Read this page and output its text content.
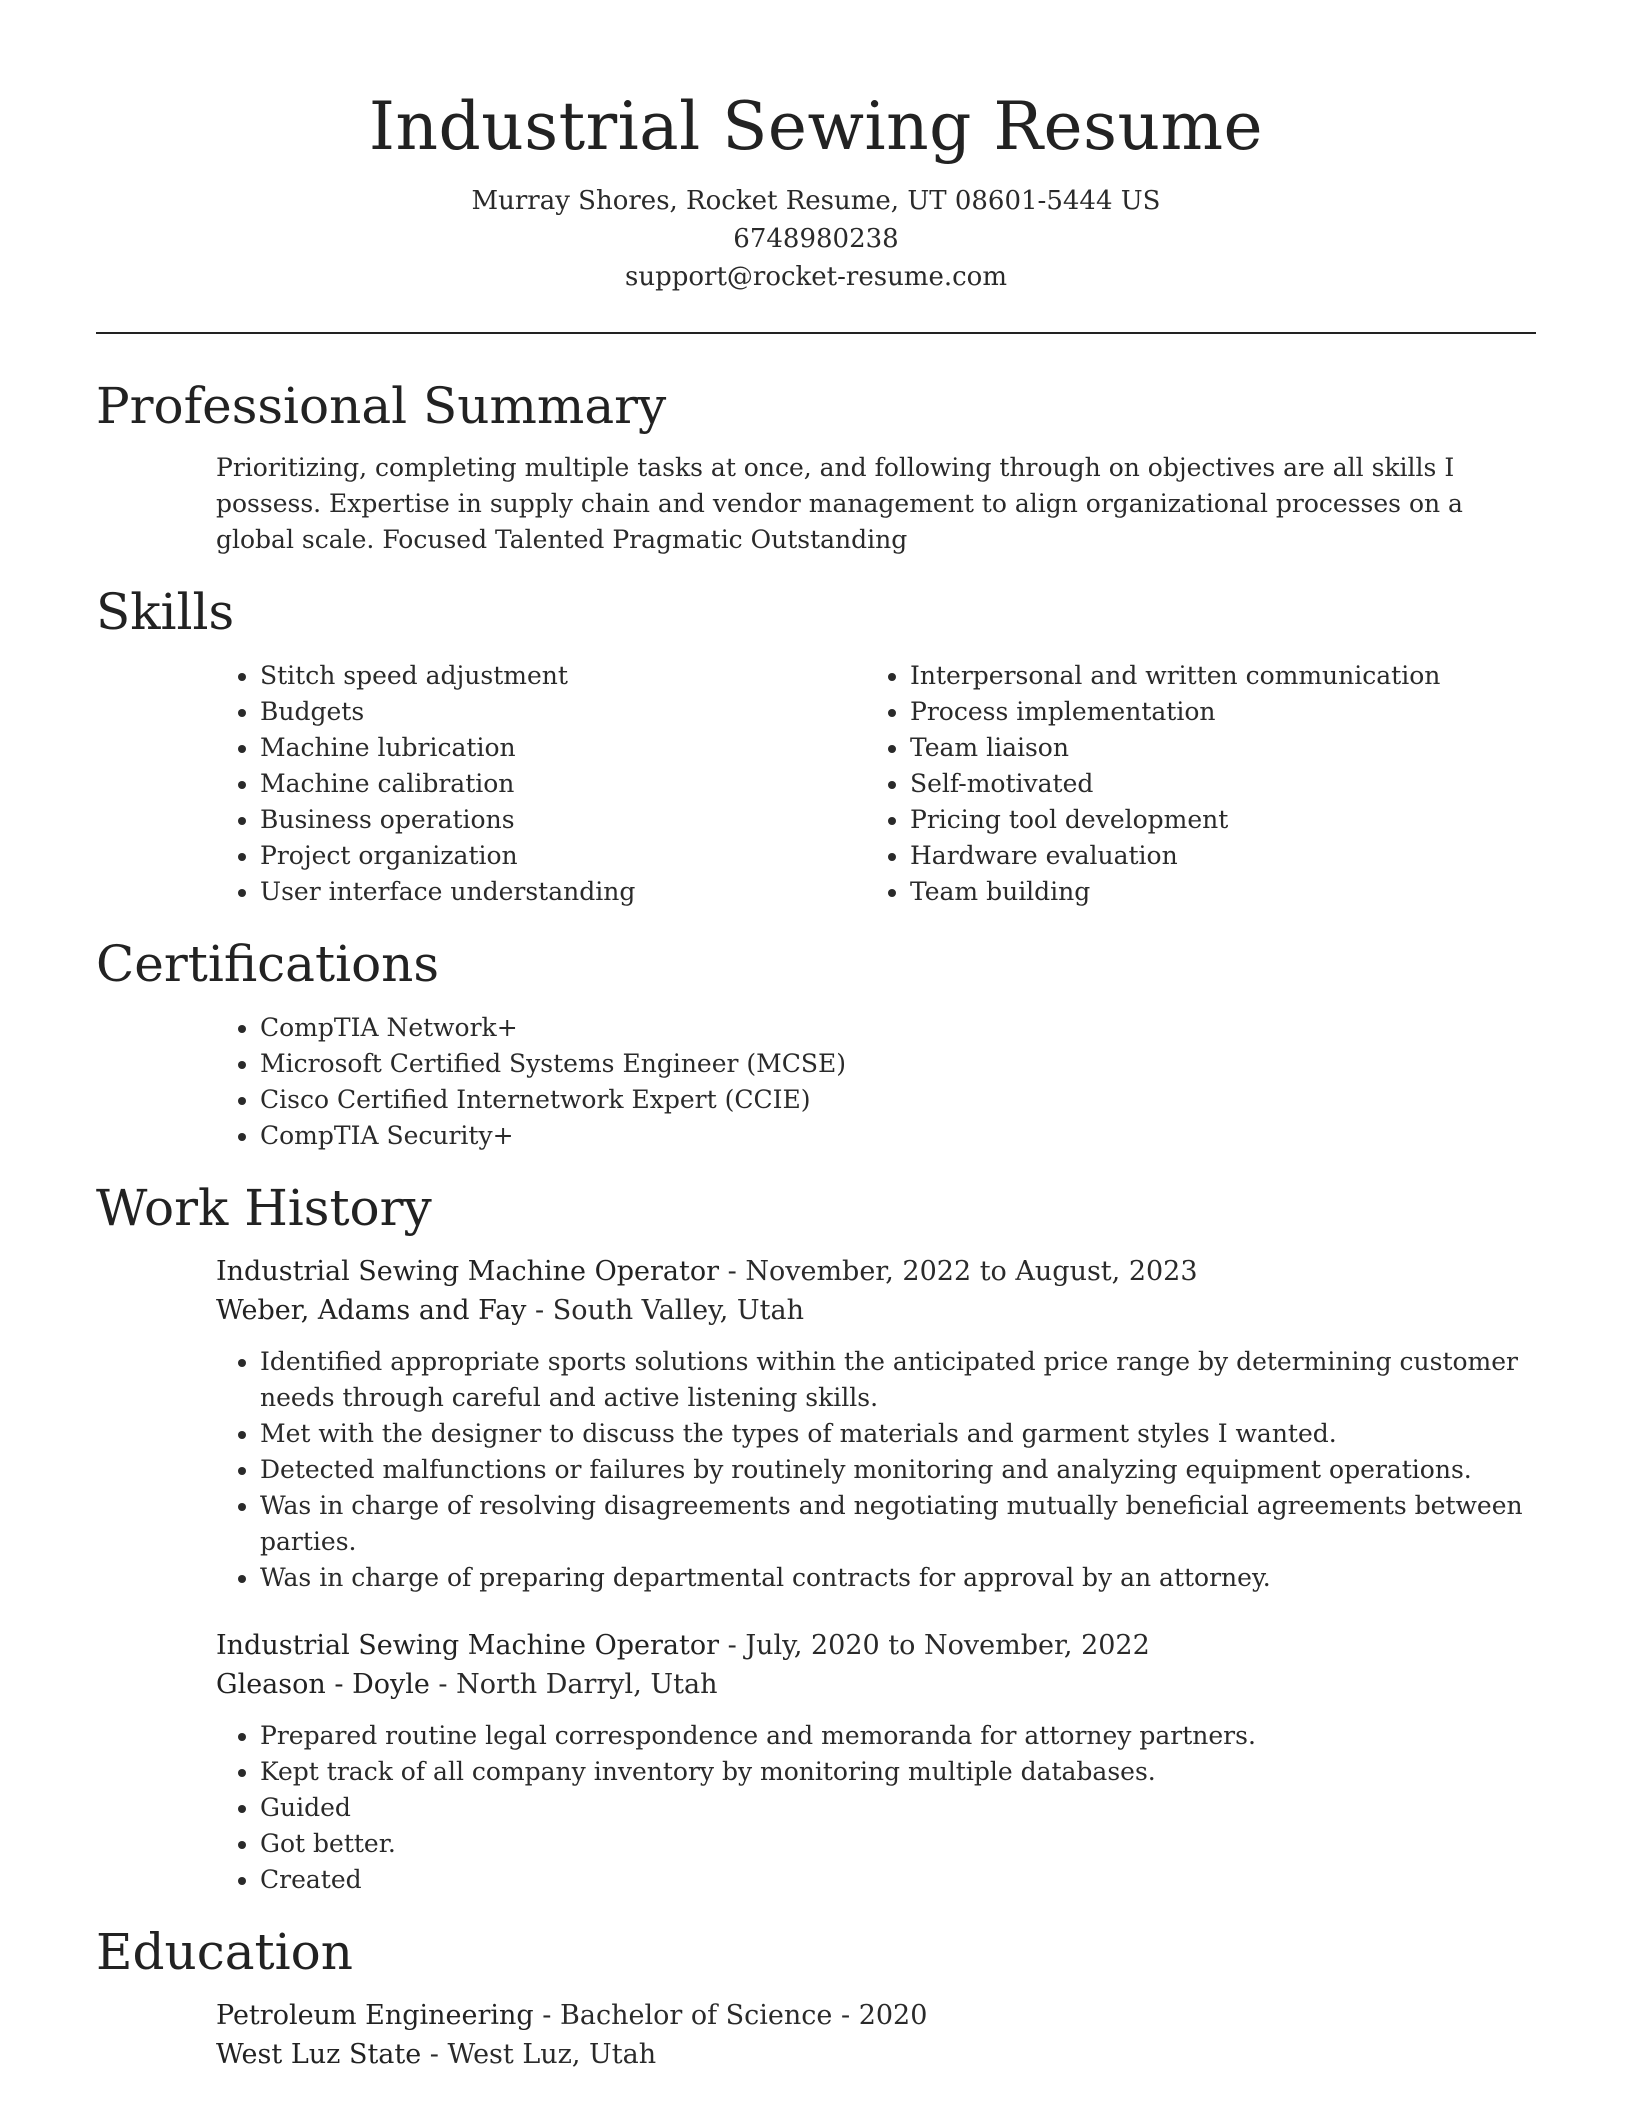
Industrial Sewing Resume
Murray Shores, Rocket Resume, UT 08601-5444 US
6748980238
support@rocket-resume.com
Professional Summary

Prioritizing, completing multiple tasks at once, and following through on objectives are all skills I possess. Expertise in supply chain and vendor management to align organizational processes on a global scale. Focused Talented Pragmatic Outstanding

Skills
• Stitch speed adjustment
• Budgets
• Machine lubrication
• Machine calibration
• Business operations
• Project organization
• User interface understanding
• Interpersonal and written communication
• Process implementation
• Team liaison
• Self-motivated
• Pricing tool development
• Hardware evaluation
• Team building
Certifications
• CompTIA Network+
• Microsoft Certified Systems Engineer (MCSE)
• Cisco Certified Internetwork Expert (CCIE)
• CompTIA Security+
Work History

Industrial Sewing Machine Operator - November, 2022 to August, 2023

Weber, Adams and Fay - South Valley, Utah

• Identified appropriate sports solutions within the anticipated price range by determining customer needs through careful and active listening skills.
• Met with the designer to discuss the types of materials and garment styles I wanted.
• Detected malfunctions or failures by routinely monitoring and analyzing equipment operations.
• Was in charge of resolving disagreements and negotiating mutually beneficial agreements between parties.
• Was in charge of preparing departmental contracts for approval by an attorney.

Industrial Sewing Machine Operator - July, 2020 to November, 2022

Gleason - Doyle - North Darryl, Utah

• Prepared routine legal correspondence and memoranda for attorney partners.
• Kept track of all company inventory by monitoring multiple databases.
• Guided
• Got better.
• Created
Education

Petroleum Engineering - Bachelor of Science - 2020

West Luz State - West Luz, Utah
